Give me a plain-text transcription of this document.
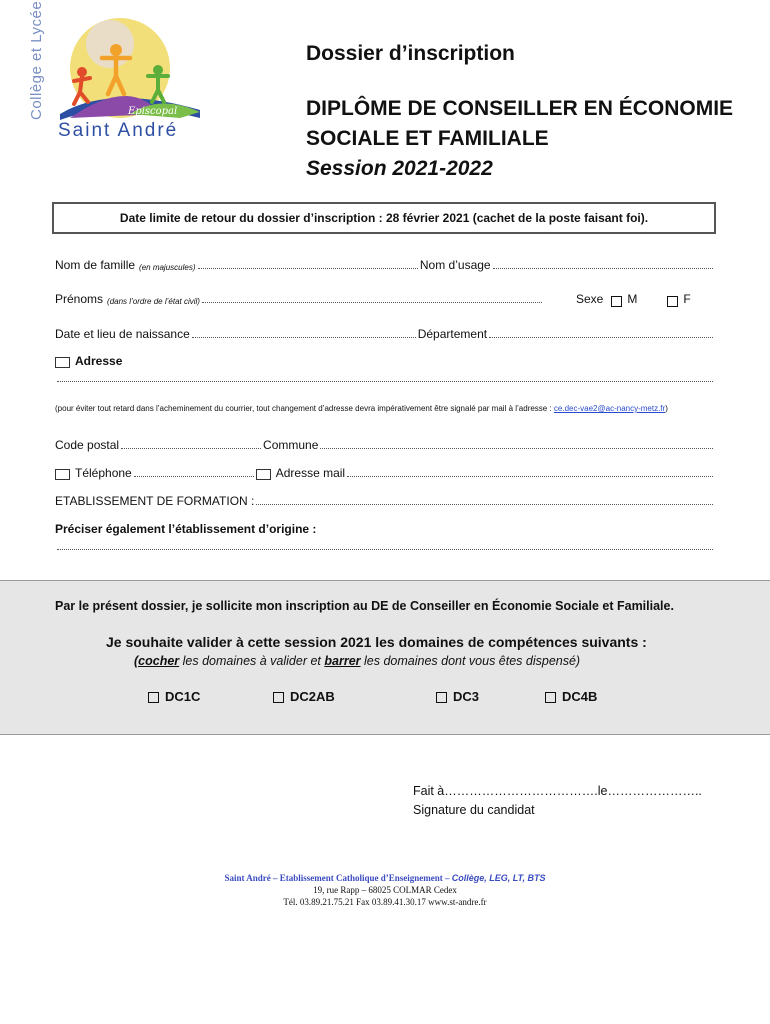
Episcopal
Collège et Lycée
Saint André
Dossier d’inscription
DIPLÔME DE CONSEILLER EN ÉCONOMIE
SOCIALE ET FAMILIALE
Session 2021-2022
Date limite de retour du dossier d’inscription : 28 février 2021 (cachet de la poste faisant foi).
Nom de famille (en majuscules)	Nom d’usage
Prénoms (dans l’ordre de l’état civil)	Sexe M	F
Date et lieu de naissance	Département
Adresse
(pour éviter tout retard dans l’acheminement du courrier, tout changement d’adresse devra impérativement être signalé par mail à l’adresse : ce.dec-vae2@ac-nancy-metz.fr)
Code postal	Commune
Téléphone	Adresse mail
ETABLISSEMENT DE FORMATION :
Préciser également l’établissement d’origine :
Par le présent dossier, je sollicite mon inscription au DE de Conseiller en Économie Sociale et Familiale.
Je souhaite valider à cette session 2021 les domaines de compétences suivants :
(cocher les domaines à valider et barrer les domaines dont vous êtes dispensé)
DC1C	DC2AB	DC3	DC4B
Fait à……………………………….le…………………..
Signature du candidat
Saint André – Etablissement Catholique d’Enseignement – Collège, LEG, LT, BTS
19, rue Rapp – 68025 COLMAR Cedex
Tél. 03.89.21.75.21 Fax 03.89.41.30.17 www.st-andre.fr
